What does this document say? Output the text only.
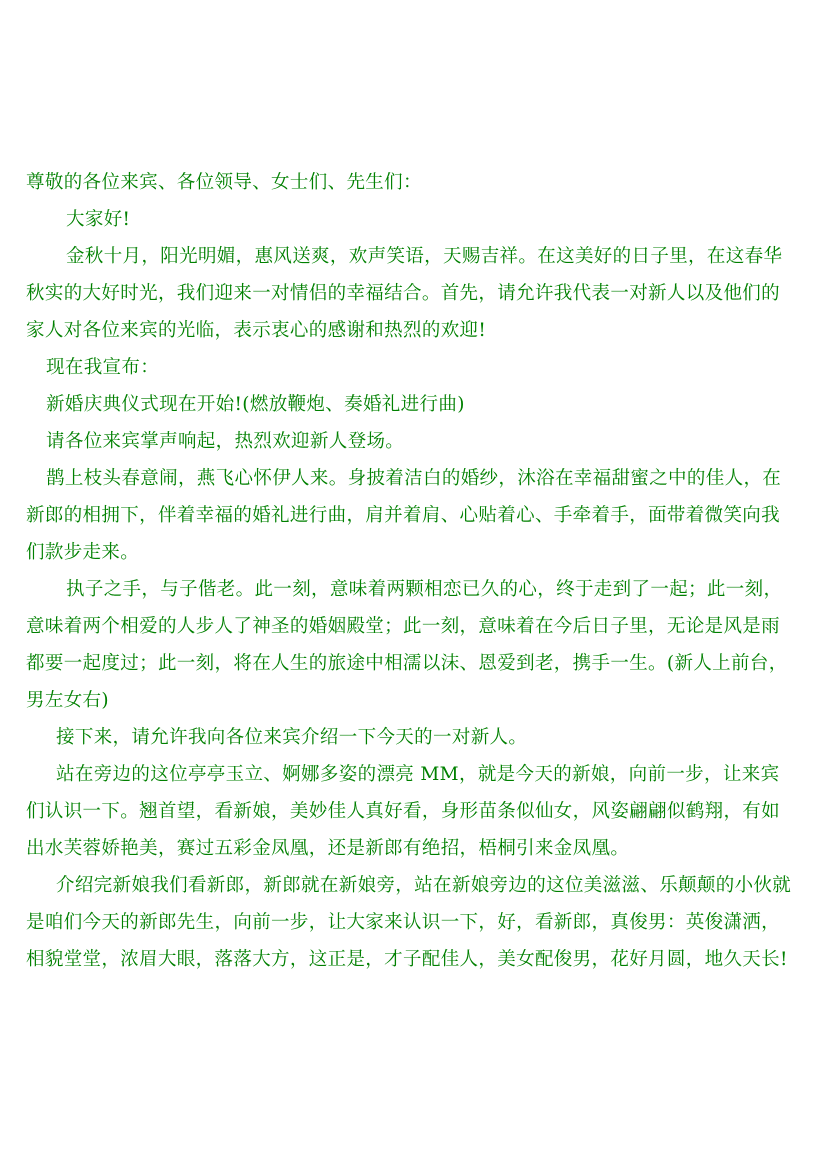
尊敬的各位来宾、各位领导、女士们、先生们：

大家好!

金秋十月，阳光明媚，惠风送爽，欢声笑语，天赐吉祥。在这美好的日子里，在这春华秋实的大好时光，我们迎来一对情侣的幸福结合。首先，请允许我代表一对新人以及他们的家人对各位来宾的光临，表示衷心的感谢和热烈的欢迎!

现在我宣布：

新婚庆典仪式现在开始!(燃放鞭炮、奏婚礼进行曲)

请各位来宾掌声响起，热烈欢迎新人登场。

鹊上枝头春意闹，燕飞心怀伊人来。身披着洁白的婚纱，沐浴在幸福甜蜜之中的佳人，在新郎的相拥下，伴着幸福的婚礼进行曲，肩并着肩、心贴着心、手牵着手，面带着微笑向我们款步走来。

执子之手，与子偕老。此一刻，意味着两颗相恋已久的心，终于走到了一起；此一刻，意味着两个相爱的人步人了神圣的婚姻殿堂；此一刻，意味着在今后日子里，无论是风是雨都要一起度过；此一刻，将在人生的旅途中相濡以沫、恩爱到老，携手一生。(新人上前台，男左女右)

接下来，请允许我向各位来宾介绍一下今天的一对新人。

站在旁边的这位亭亭玉立、婀娜多姿的漂亮 MM，就是今天的新娘，向前一步，让来宾们认识一下。翘首望，看新娘，美妙佳人真好看，身形苗条似仙女，风姿翩翩似鹤翔，有如出水芙蓉娇艳美，赛过五彩金凤凰，还是新郎有绝招，梧桐引来金凤凰。

介绍完新娘我们看新郎，新郎就在新娘旁，站在新娘旁边的这位美滋滋、乐颠颠的小伙就是咱们今天的新郎先生，向前一步，让大家来认识一下，好，看新郎，真俊男：英俊潇洒，相貌堂堂，浓眉大眼，落落大方，这正是，才子配佳人，美女配俊男，花好月圆，地久天长!
